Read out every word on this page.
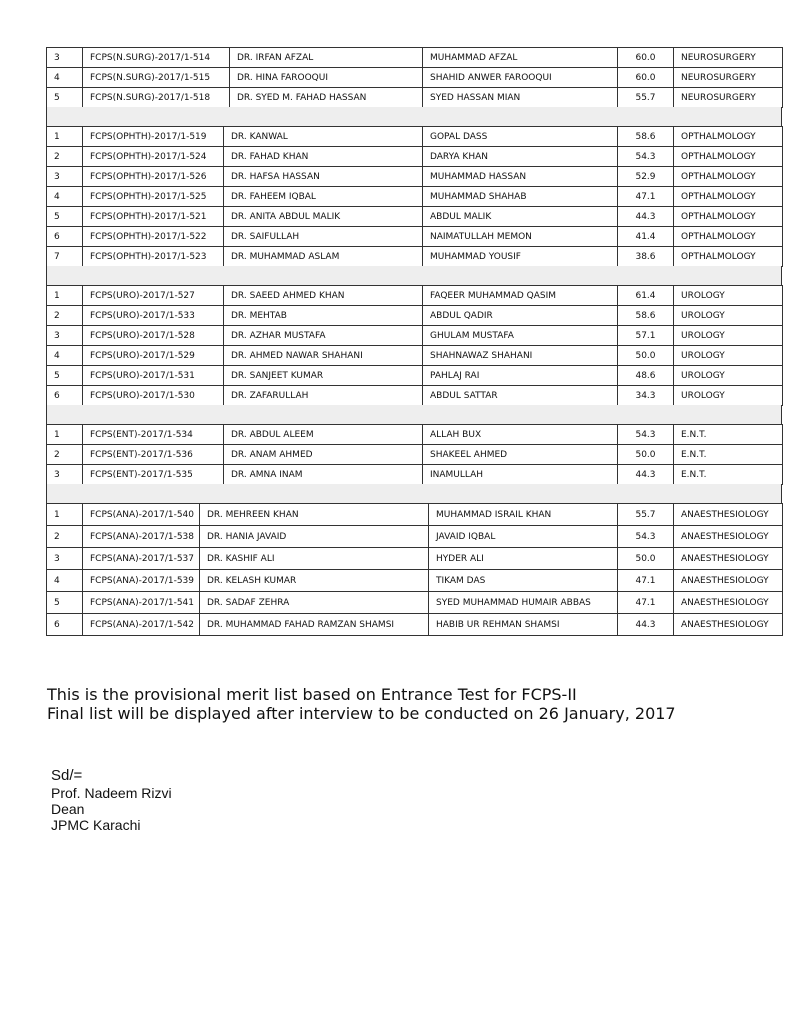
3	FCPS(N.SURG)-2017/1-514	DR. IRFAN AFZAL	MUHAMMAD AFZAL	60.0	NEUROSURGERY
4	FCPS(N.SURG)-2017/1-515	DR. HINA FAROOQUI	SHAHID ANWER FAROOQUI	60.0	NEUROSURGERY
5	FCPS(N.SURG)-2017/1-518	DR. SYED M. FAHAD HASSAN	SYED HASSAN MIAN	55.7	NEUROSURGERY
1	FCPS(OPHTH)-2017/1-519	DR. KANWAL	GOPAL DASS	58.6	OPTHALMOLOGY
2	FCPS(OPHTH)-2017/1-524	DR. FAHAD KHAN	DARYA KHAN	54.3	OPTHALMOLOGY
3	FCPS(OPHTH)-2017/1-526	DR. HAFSA HASSAN	MUHAMMAD HASSAN	52.9	OPTHALMOLOGY
4	FCPS(OPHTH)-2017/1-525	DR. FAHEEM IQBAL	MUHAMMAD SHAHAB	47.1	OPTHALMOLOGY
5	FCPS(OPHTH)-2017/1-521	DR. ANITA ABDUL MALIK	ABDUL MALIK	44.3	OPTHALMOLOGY
6	FCPS(OPHTH)-2017/1-522	DR. SAIFULLAH	NAIMATULLAH MEMON	41.4	OPTHALMOLOGY
7	FCPS(OPHTH)-2017/1-523	DR. MUHAMMAD ASLAM	MUHAMMAD YOUSIF	38.6	OPTHALMOLOGY
1	FCPS(URO)-2017/1-527	DR. SAEED AHMED KHAN	FAQEER MUHAMMAD QASIM	61.4	UROLOGY
2	FCPS(URO)-2017/1-533	DR. MEHTAB	ABDUL QADIR	58.6	UROLOGY
3	FCPS(URO)-2017/1-528	DR. AZHAR MUSTAFA	GHULAM MUSTAFA	57.1	UROLOGY
4	FCPS(URO)-2017/1-529	DR. AHMED NAWAR SHAHANI	SHAHNAWAZ SHAHANI	50.0	UROLOGY
5	FCPS(URO)-2017/1-531	DR. SANJEET KUMAR	PAHLAJ RAI	48.6	UROLOGY
6	FCPS(URO)-2017/1-530	DR. ZAFARULLAH	ABDUL SATTAR	34.3	UROLOGY
1	FCPS(ENT)-2017/1-534	DR. ABDUL ALEEM	ALLAH BUX	54.3	E.N.T.
2	FCPS(ENT)-2017/1-536	DR. ANAM AHMED	SHAKEEL AHMED	50.0	E.N.T.
3	FCPS(ENT)-2017/1-535	DR. AMNA INAM	INAMULLAH	44.3	E.N.T.
1	FCPS(ANA)-2017/1-540	DR. MEHREEN KHAN	MUHAMMAD ISRAIL KHAN	55.7	ANAESTHESIOLOGY
2	FCPS(ANA)-2017/1-538	DR. HANIA JAVAID	JAVAID IQBAL	54.3	ANAESTHESIOLOGY
3	FCPS(ANA)-2017/1-537	DR. KASHIF ALI	HYDER ALI	50.0	ANAESTHESIOLOGY
4	FCPS(ANA)-2017/1-539	DR. KELASH KUMAR	TIKAM DAS	47.1	ANAESTHESIOLOGY
5	FCPS(ANA)-2017/1-541	DR. SADAF ZEHRA	SYED MUHAMMAD HUMAIR ABBAS	47.1	ANAESTHESIOLOGY
6	FCPS(ANA)-2017/1-542	DR. MUHAMMAD FAHAD RAMZAN SHAMSI	HABIB UR REHMAN SHAMSI	44.3	ANAESTHESIOLOGY
This is the provisional merit list based on Entrance Test for FCPS-II
Final list will be displayed after interview to be conducted on 26 January, 2017
Sd/=
Prof. Nadeem Rizvi
Dean
JPMC Karachi
